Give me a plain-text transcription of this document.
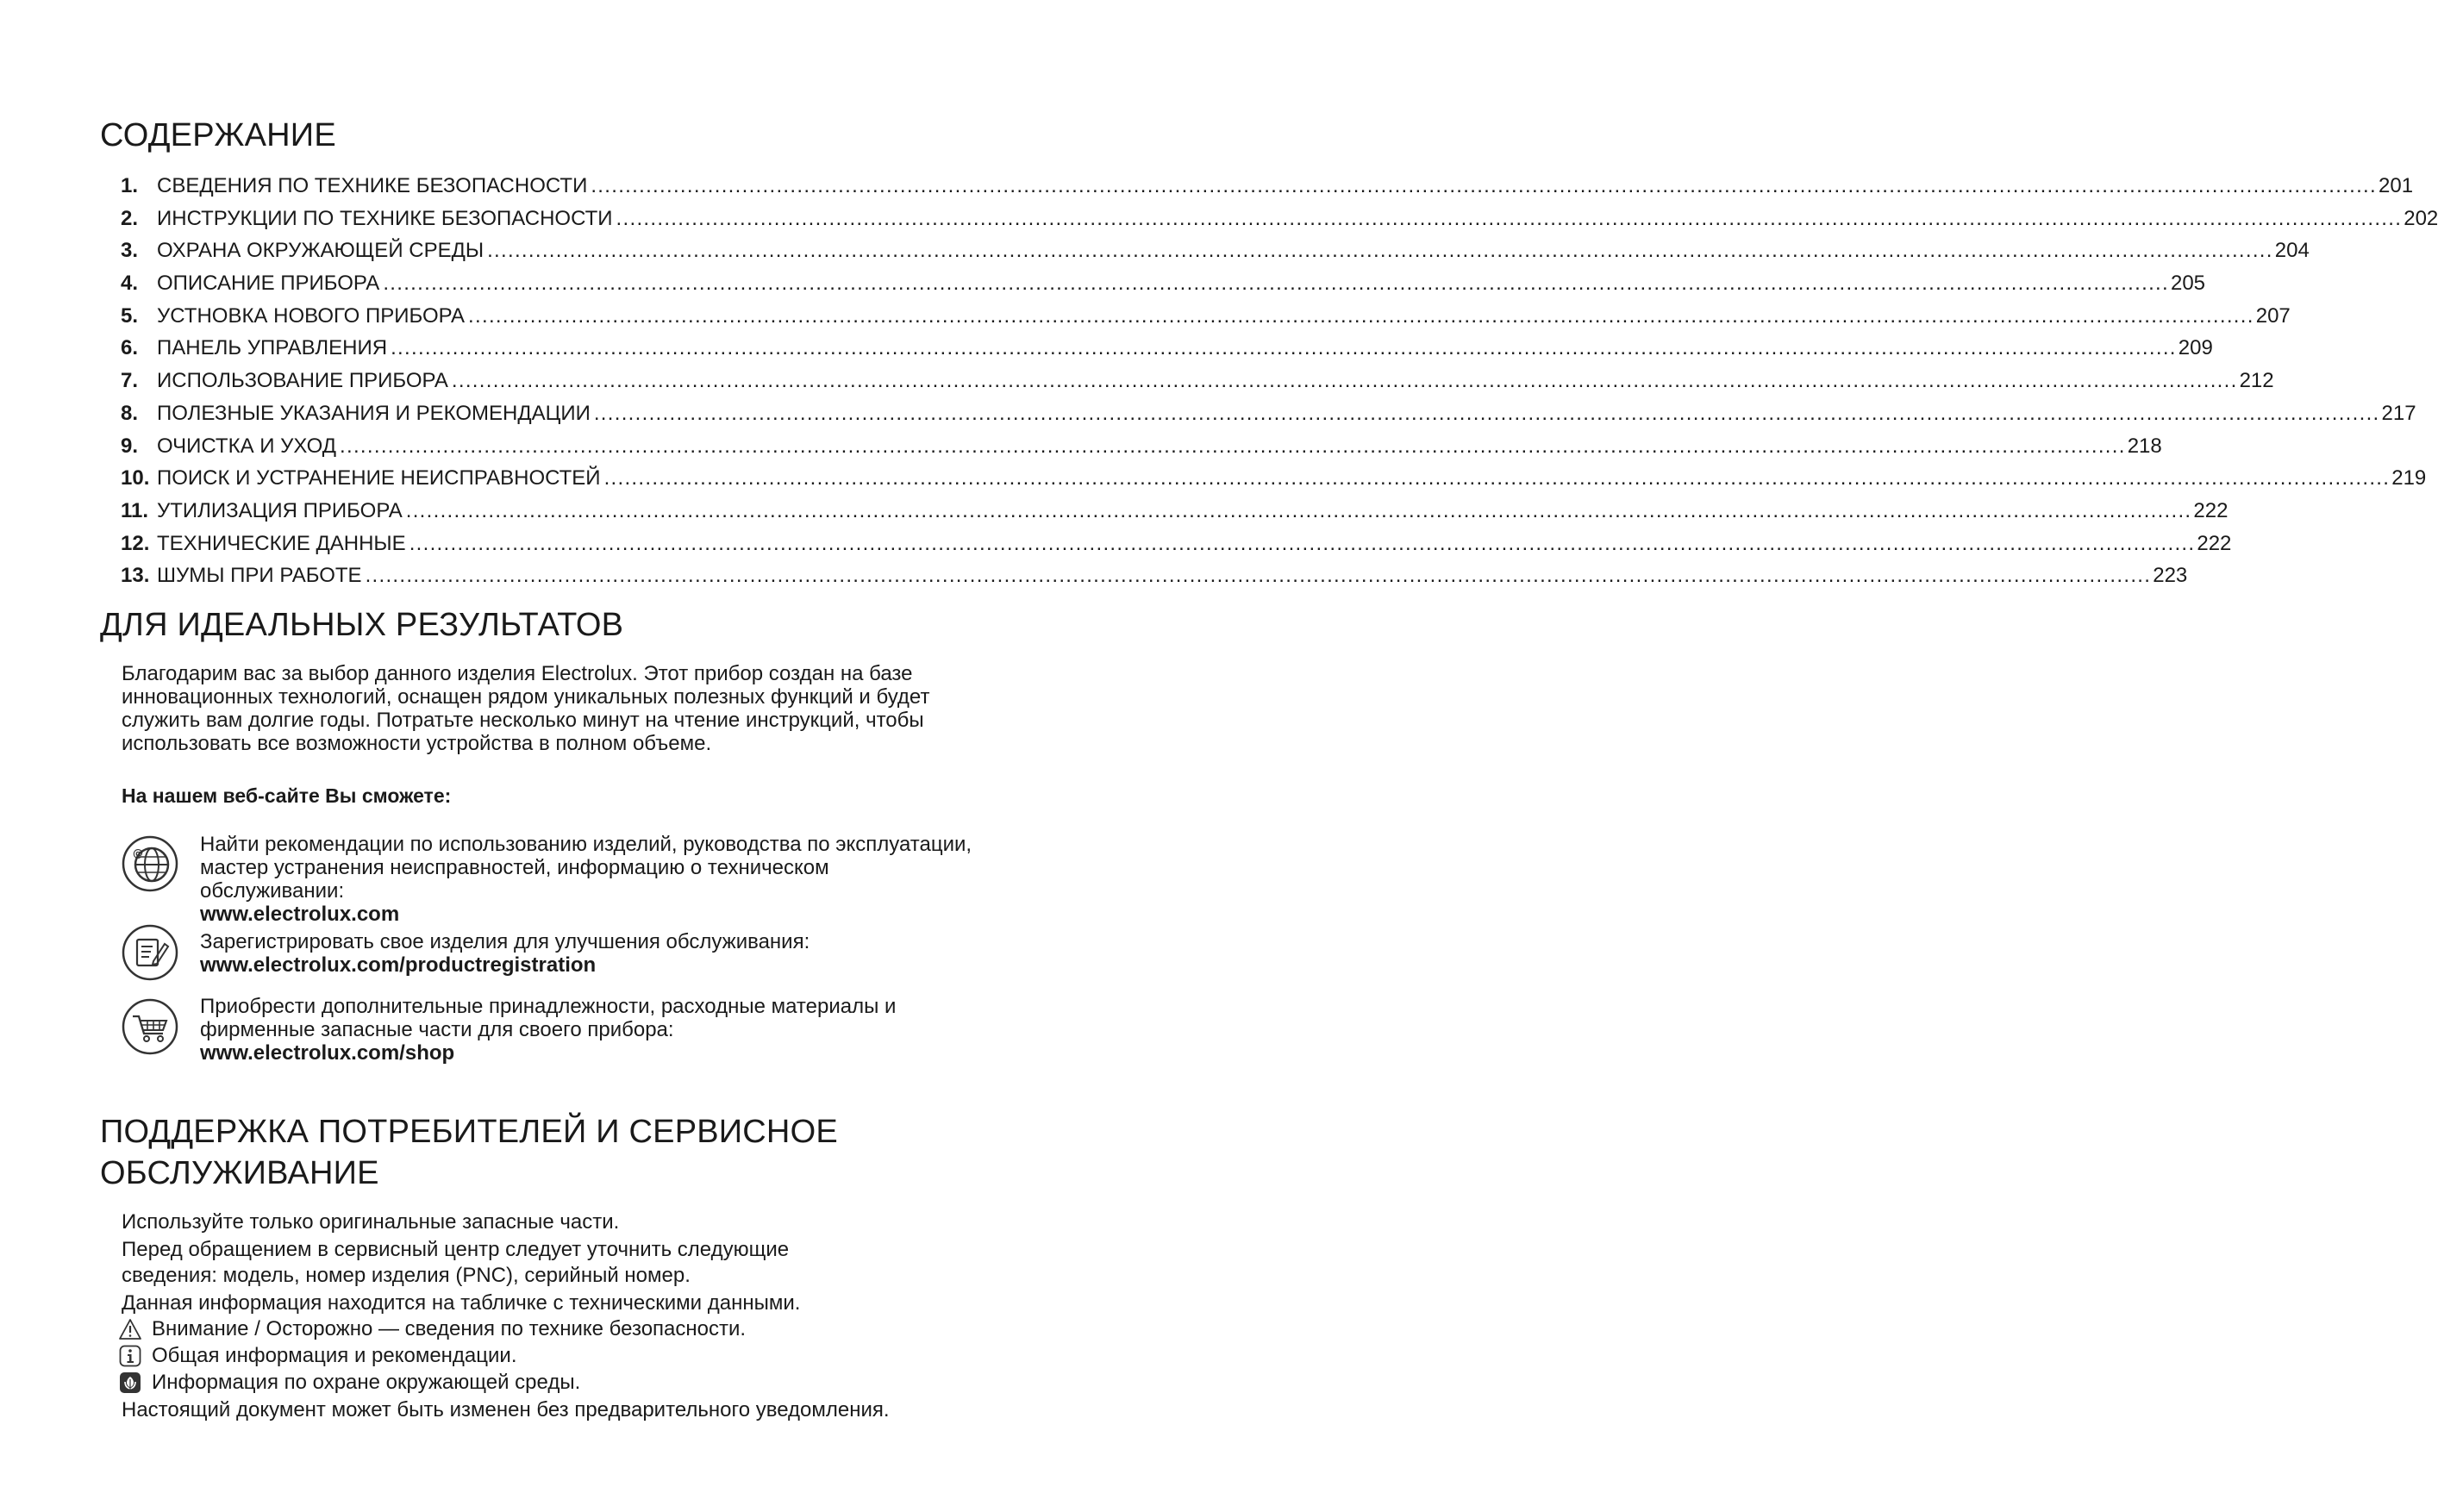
СОДЕРЖАНИЕ
1. СВЕДЕНИЯ ПО ТЕХНИКЕ БЕЗОПАСНОСТИ .................................................................................................................................................................................................................................................................... 201
2. ИНСТРУКЦИИ ПО ТЕХНИКЕ БЕЗОПАСНОСТИ .................................................................................................................................................................................................................................................................... 202
3. ОХРАНА ОКРУЖАЮЩЕЙ СРЕДЫ .................................................................................................................................................................................................................................................................... 204
4. ОПИСАНИЕ ПРИБОРА .................................................................................................................................................................................................................................................................... 205
5. УСТНОВКА НОВОГО ПРИБОРА .................................................................................................................................................................................................................................................................... 207
6. ПАНЕЛЬ УПРАВЛЕНИЯ .................................................................................................................................................................................................................................................................... 209
7. ИСПОЛЬЗОВАНИЕ ПРИБОРА .................................................................................................................................................................................................................................................................... 212
8. ПОЛЕЗНЫЕ УКАЗАНИЯ И РЕКОМЕНДАЦИИ .................................................................................................................................................................................................................................................................... 217
9. ОЧИСТКА И УХОД .................................................................................................................................................................................................................................................................... 218
10. ПОИСК И УСТРАНЕНИЕ НЕИСПРАВНОСТЕЙ .................................................................................................................................................................................................................................................................... 219
11. УТИЛИЗАЦИЯ ПРИБОРА .................................................................................................................................................................................................................................................................... 222
12. ТЕХНИЧЕСКИЕ ДАННЫЕ .................................................................................................................................................................................................................................................................... 222
13. ШУМЫ ПРИ РАБОТЕ .................................................................................................................................................................................................................................................................... 223
ДЛЯ ИДЕАЛЬНЫХ РЕЗУЛЬТАТОВ
Благодарим вас за выбор данного изделия Electrolux. Этот прибор создан на базе
инновационных технологий, оснащен рядом уникальных полезных функций и будет
служить вам долгие годы. Потратьте несколько минут на чтение инструкций, чтобы
использовать все возможности устройства в полном объеме.
На нашем веб-сайте Вы сможете:
@	Найти рекомендации по использованию изделий, руководства по эксплуатации,
мастер устранения неисправностей, информацию о техническом обслуживании:
www.electrolux.com
Зарегистрировать свое изделия для улучшения обслуживания:
www.electrolux.com/productregistration
Приобрести дополнительные принадлежности, расходные материалы и
фирменные запасные части для своего прибора:
www.electrolux.com/shop
ПОДДЕРЖКА ПОТРЕБИТЕЛЕЙ И СЕРВИСНОЕ
ОБСЛУЖИВАНИЕ
Используйте только оригинальные запасные части.
Перед обращением в сервисный центр следует уточнить следующие
сведения: модель, номер изделия (PNC), серийный номер.
Данная информация находится на табличке с техническими данными.
Внимание / Осторожно — сведения по технике безопасности.
Общая информация и рекомендации.
Информация по охране окружающей среды.
Настоящий документ может быть изменен без предварительного уведомления.
